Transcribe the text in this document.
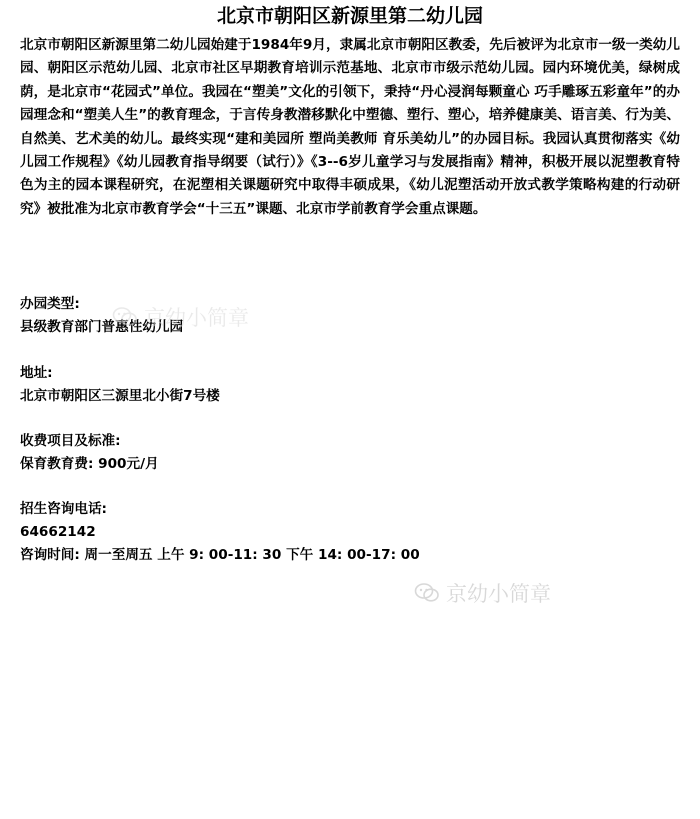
北京市朝阳区新源里第二幼儿园

北京市朝阳区新源里第二幼儿园始建于1984年9月，隶属北京市朝阳区教委，先后被评为北京市一级一类幼儿园、朝阳区示范幼儿园、北京市社区早期教育培训示范基地、北京市市级示范幼儿园。园内环境优美，绿树成荫，是北京市“花园式”单位。我园在“塑美”文化的引领下，秉持“丹心浸润每颗童心 巧手雕琢五彩童年”的办园理念和“塑美人生”的教育理念，于言传身教潜移默化中塑德、塑行、塑心，培养健康美、语言美、行为美、自然美、艺术美的幼儿。最终实现“建和美园所 塑尚美教师 育乐美幼儿”的办园目标。我园认真贯彻落实《幼儿园工作规程》《幼儿园教育指导纲要（试行）》《3--6岁儿童学习与发展指南》精神，积极开展以泥塑教育特色为主的园本课程研究，在泥塑相关课题研究中取得丰硕成果，《幼儿泥塑活动开放式教学策略构建的行动研究》被批准为北京市教育学会“十三五”课题、北京市学前教育学会重点课题。

办园类型:
县级教育部门普惠性幼儿园
地址:
北京市朝阳区三源里北小街7号楼
收费项目及标准:
保育教育费: 900元/月
招生咨询电话:
64662142
咨询时间: 周一至周五 上午 9: 00-11: 30 下午 14: 00-17: 00
京幼小简章
京幼小简章
